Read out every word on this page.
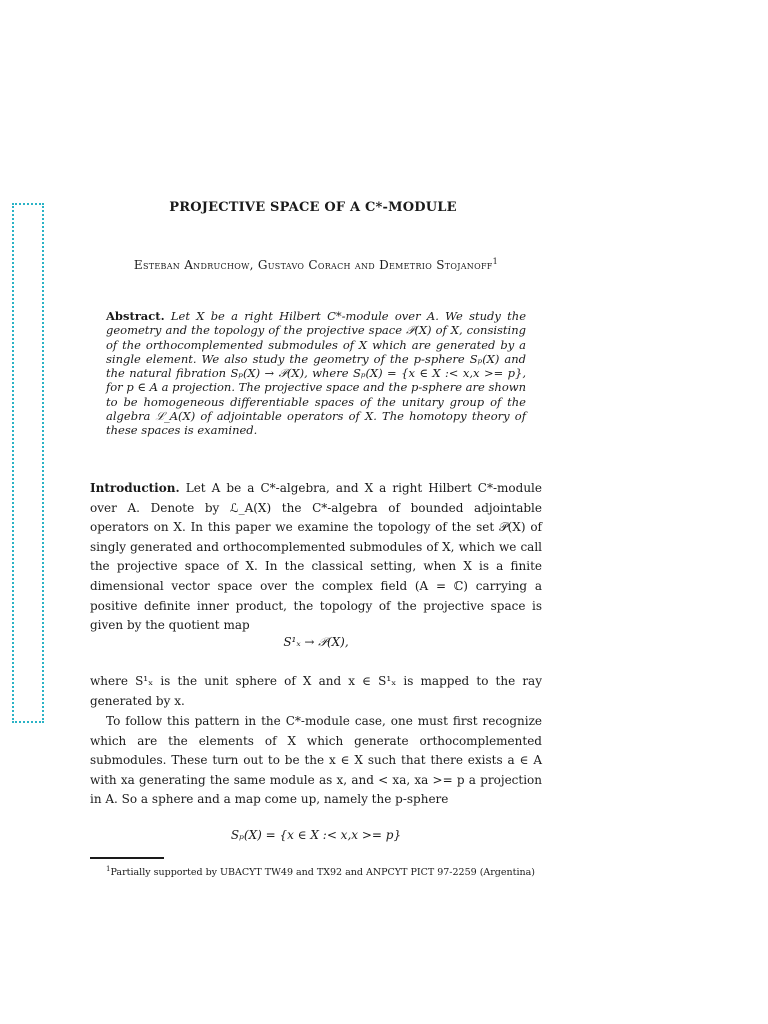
PROJECTIVE SPACE OF A C*-MODULE
Esteban Andruchow, Gustavo Corach and Demetrio Stojanoff$^1$
Abstract. Let X be a right Hilbert C*-module over A. We study the geometry and the topology of the projective space 𝒫(X) of X, consisting of the orthocomplemented submodules of X which are generated by a single element. We also study the geometry of the p-sphere Sₚ(X) and the natural fibration Sₚ(X) → 𝒫(X), where Sₚ(X) = {x ∈ X :< x,x >= p}, for p ∈ A a projection. The projective space and the p-sphere are shown to be homogeneous differentiable spaces of the unitary group of the algebra ℒ_A(X) of adjointable operators of X. The homotopy theory of these spaces is examined.
Introduction. Let A be a C*-algebra, and X a right Hilbert C*-module over A. Denote by ℒ_A(X) the C*-algebra of bounded adjointable operators on X. In this paper we examine the topology of the set 𝒫(X) of singly generated and orthocomplemented submodules of X, which we call the projective space of X. In the classical setting, when X is a finite dimensional vector space over the complex field (A = ℂ) carrying a positive definite inner product, the topology of the projective space is given by the quotient map
S¹ₓ → 𝒫(X),
where S¹ₓ is the unit sphere of X and x ∈ S¹ₓ is mapped to the ray generated by x.
To follow this pattern in the C*-module case, one must first recognize which are the elements of X which generate orthocomplemented submodules. These turn out to be the x ∈ X such that there exists a ∈ A with xa generating the same module as x, and < xa, xa >= p a projection in A. So a sphere and a map come up, namely the p-sphere
Sₚ(X) = {x ∈ X :< x,x >= p}
$^1$Partially supported by UBACYT TW49 and TX92 and ANPCYT PICT 97-2259 (Argentina)
